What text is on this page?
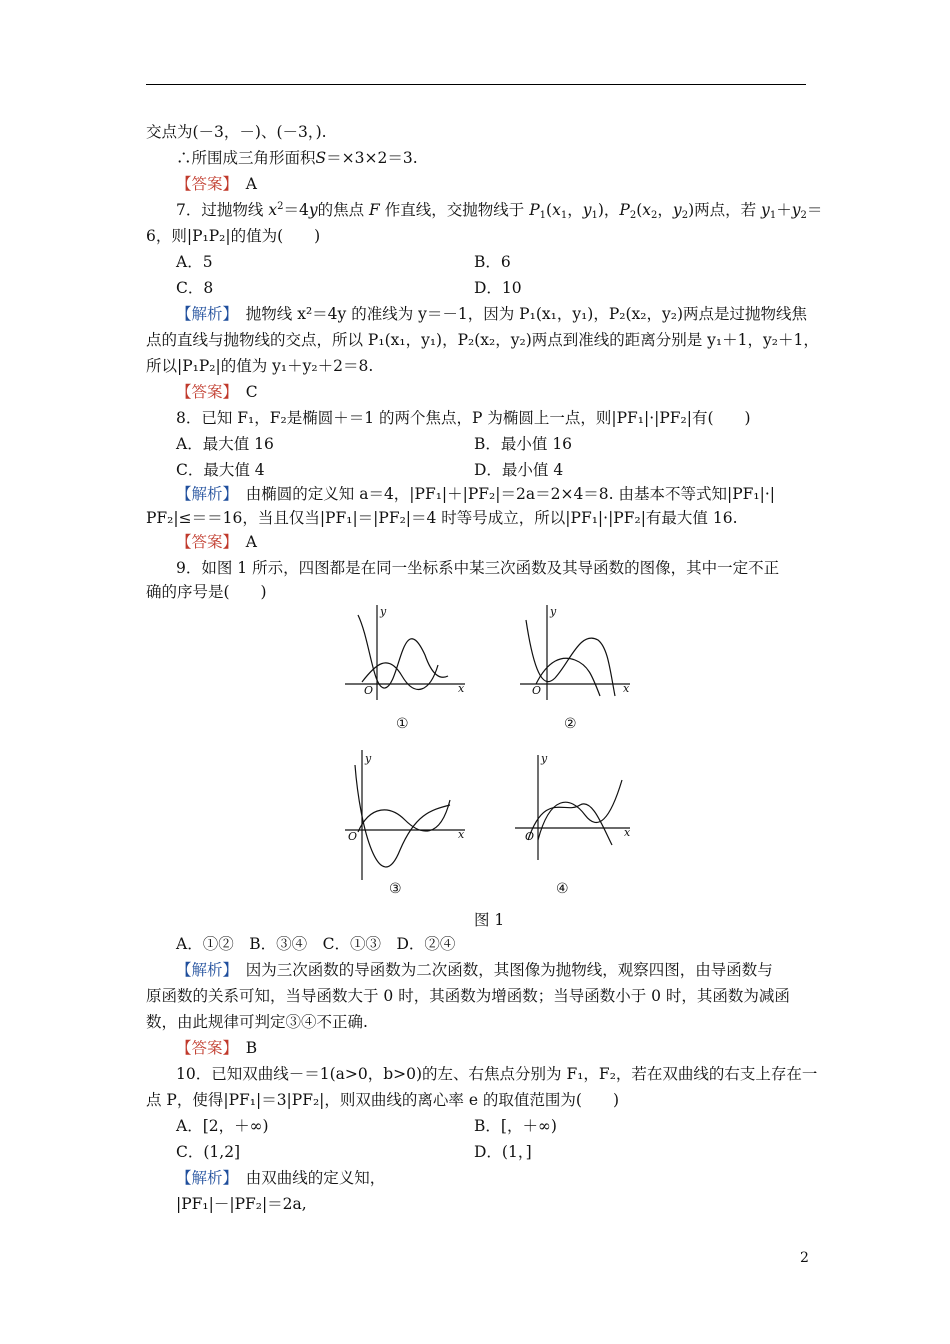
交点为(－3，－)、(－3，).
∴所围成三角形面积S＝×3×2＝3.
【答案】　 A
7．过抛物线 $x^2=4y$的焦点 F 作直线，交抛物线于 $P_1(x_1$，$y_1$)，$P_2(x_2$，$y_2$)两点，若 $y_1+y_2=$
6，则|P₁P₂|的值为(　　)
A．5	B．6
C．8	D．10
【解析】　 抛物线 x²＝4y 的准线为 y＝－1，因为 P₁(x₁，y₁)，P₂(x₂，y₂)两点是过抛物线焦
点的直线与抛物线的交点，所以 P₁(x₁，y₁)，P₂(x₂，y₂)两点到准线的距离分别是 y₁＋1，y₂＋1，
所以|P₁P₂|的值为 y₁＋y₂＋2＝8.
【答案】　 C
8．已知 F₁，F₂是椭圆＋＝1 的两个焦点，P 为椭圆上一点，则|PF₁|·|PF₂|有(　　)
A．最大值 16	B．最小值 16
C．最大值 4	D．最小值 4
【解析】　 由椭圆的定义知 a＝4，|PF₁|＋|PF₂|＝2a＝2×4＝8. 由基本不等式知|PF₁|·|
PF₂|≤＝＝16，当且仅当|PF₁|＝|PF₂|＝4 时等号成立，所以|PF₁|·|PF₂|有最大值 16.
【答案】　 A
9．如图 1 所示，四图都是在同一坐标系中某三次函数及其导函数的图像，其中一定不正
确的序号是(　　)
y
x
O
y
x
O
y
x
O
y
x
O
①	②
③	④
图 1
A．①②　B．③④　C．①③　D．②④
【解析】　 因为三次函数的导函数为二次函数，其图像为抛物线，观察四图，由导函数与
原函数的关系可知，当导函数大于 0 时，其函数为增函数；当导函数小于 0 时，其函数为减函
数，由此规律可判定③④不正确.
【答案】　 B
10．已知双曲线－＝1(a>0，b>0)的左、右焦点分别为 F₁，F₂，若在双曲线的右支上存在一
点 P，使得|PF₁|＝3|PF₂|，则双曲线的离心率 e 的取值范围为(　　)
A．[2，＋∞)	B．[，＋∞)
C．(1,2]	D．(1，]
【解析】　 由双曲线的定义知，
|PF₁|－|PF₂|＝2a,
2
